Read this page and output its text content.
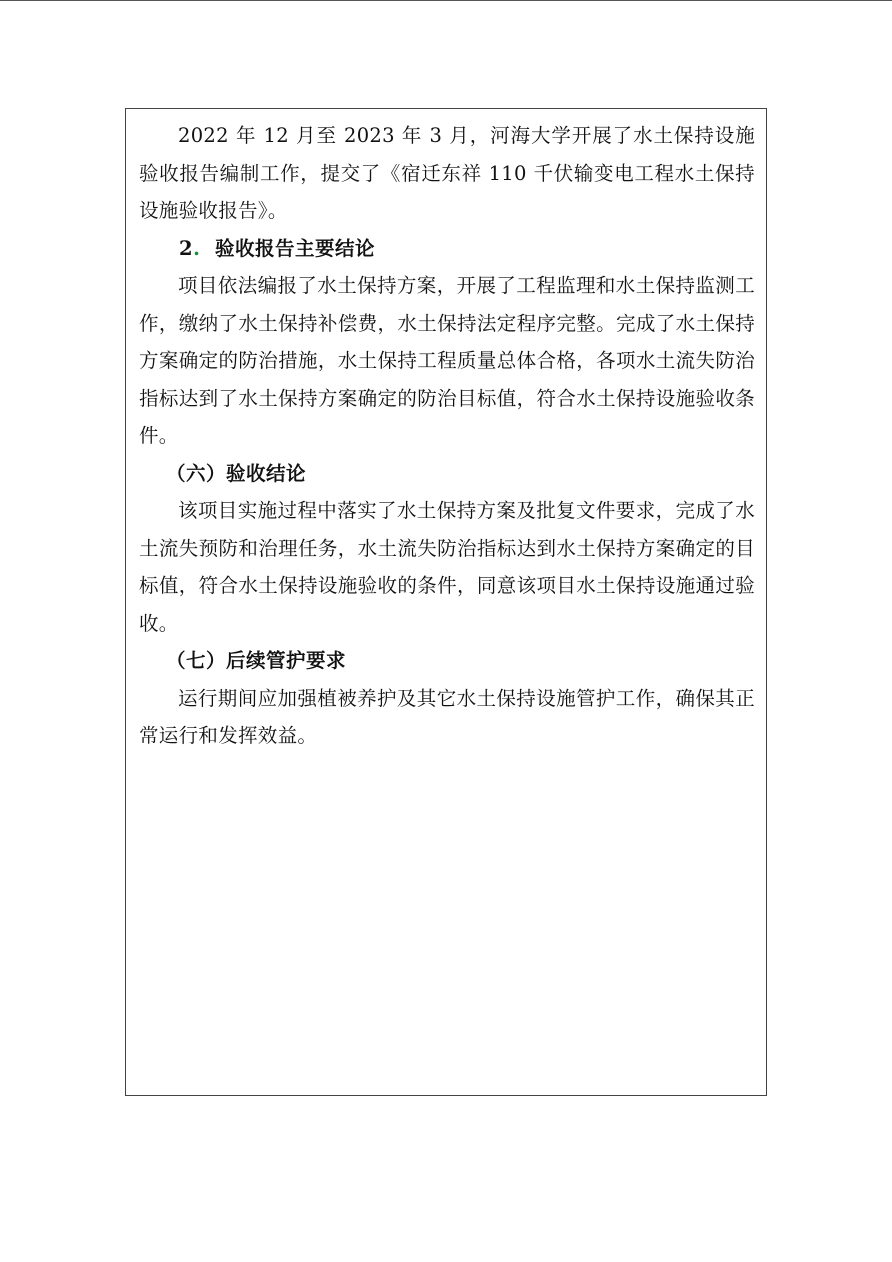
2022 年 12 月至 2023 年 3 月，河海大学开展了水土保持设施验收报告编制工作，提交了《宿迁东祥 110 千伏输变电工程水土保持设施验收报告》。

2. 验收报告主要结论

项目依法编报了水土保持方案，开展了工程监理和水土保持监测工作，缴纳了水土保持补偿费，水土保持法定程序完整。完成了水土保持方案确定的防治措施，水土保持工程质量总体合格，各项水土流失防治指标达到了水土保持方案确定的防治目标值，符合水土保持设施验收条件。

（六）验收结论

该项目实施过程中落实了水土保持方案及批复文件要求，完成了水土流失预防和治理任务，水土流失防治指标达到水土保持方案确定的目标值，符合水土保持设施验收的条件，同意该项目水土保持设施通过验收。

（七）后续管护要求

运行期间应加强植被养护及其它水土保持设施管护工作，确保其正常运行和发挥效益。
